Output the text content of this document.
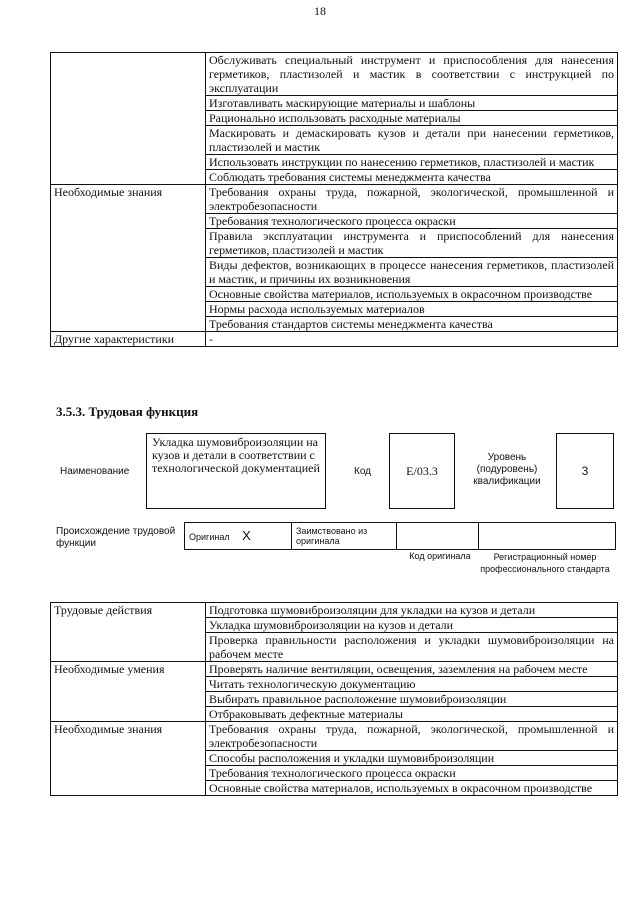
18
	Обслуживать специальный инструмент и приспособления для нанесения герметиков, пластизолей и мастик в соответствии с инструкцией по эксплуатации
	Изготавливать маскирующие материалы и шаблоны
	Рационально использовать расходные материалы
	Маскировать и демаскировать кузов и детали при нанесении герметиков, пластизолей и мастик
	Использовать инструкции по нанесению герметиков, пластизолей и мастик
	Соблюдать требования системы менеджмента качества
Необходимые знания	Требования охраны труда, пожарной, экологической, промышленной и электробезопасности
	Требования технологического процесса окраски
	Правила эксплуатации инструмента и приспособлений для нанесения герметиков, пластизолей и мастик
	Виды дефектов, возникающих в процессе нанесения герметиков, пластизолей и мастик, и причины их возникновения
	Основные свойства материалов, используемых в окрасочном производстве
	Нормы расхода используемых материалов
	Требования стандартов системы менеджмента качества
Другие характеристики	-
3.5.3. Трудовая функция
Наименование
Укладка шумовиброизоляции на кузов и детали в соответствии с технологической документацией	Код	E/03.3
Уровень (подуровень) квалификации
3
Происхождение трудовой функции
Оригинал X	Заимствовано из оригинала		
Код оригинала	Регистрационный номер профессионального стандарта
Трудовые действия	Подготовка шумовиброизоляции для укладки на кузов и детали
	Укладка шумовиброизоляции на кузов и детали
	Проверка правильности расположения и укладки шумовиброизоляции на рабочем месте
Необходимые умения	Проверять наличие вентиляции, освещения, заземления на рабочем месте
	Читать технологическую документацию
	Выбирать правильное расположение шумовиброизоляции
	Отбраковывать дефектные материалы
Необходимые знания	Требования охраны труда, пожарной, экологической, промышленной и электробезопасности
	Способы расположения и укладки шумовиброизоляции
	Требования технологического процесса окраски
	Основные свойства материалов, используемых в окрасочном производстве
